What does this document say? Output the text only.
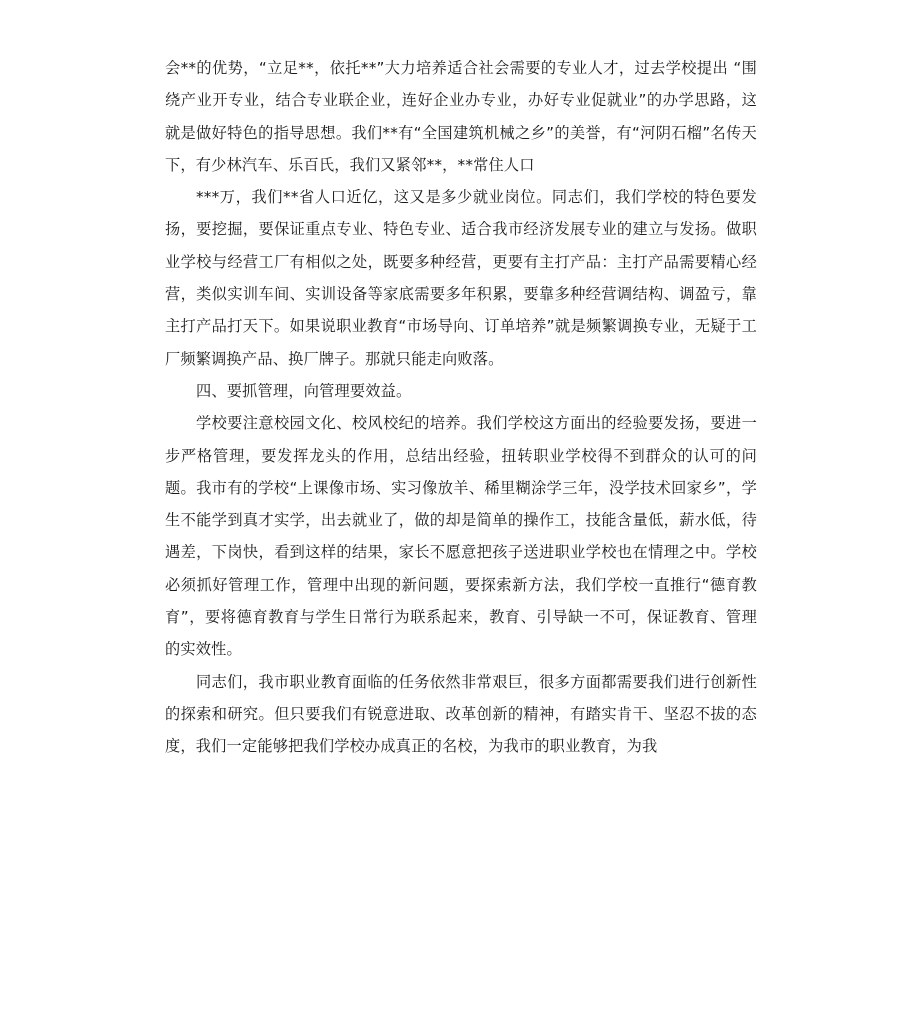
会**的优势，“立足**，依托**”大力培养适合社会需要的专业人才，过去学校提出 “围绕产业开专业，结合专业联企业，连好企业办专业，办好专业促就业”的办学思路，这就是做好特色的指导思想。我们**有“全国建筑机械之乡”的美誉，有“河阴石榴”名传天下，有少林汽车、乐百氏，我们又紧邻**，**常住人口

***万，我们**省人口近亿，这又是多少就业岗位。同志们，我们学校的特色要发扬，要挖掘，要保证重点专业、特色专业、适合我市经济发展专业的建立与发扬。做职业学校与经营工厂有相似之处，既要多种经营，更要有主打产品：主打产品需要精心经营，类似实训车间、实训设备等家底需要多年积累，要靠多种经营调结构、调盈亏，靠主打产品打天下。如果说职业教育“市场导向、订单培养”就是频繁调换专业，无疑于工厂频繁调换产品、换厂牌子。那就只能走向败落。

四、要抓管理，向管理要效益。

学校要注意校园文化、校风校纪的培养。我们学校这方面出的经验要发扬，要进一步严格管理，要发挥龙头的作用，总结出经验，扭转职业学校得不到群众的认可的问题。我市有的学校“上课像市场、实习像放羊、稀里糊涂学三年，没学技术回家乡”，学生不能学到真才实学，出去就业了，做的却是简单的操作工，技能含量低，薪水低，待遇差，下岗快，看到这样的结果，家长不愿意把孩子送进职业学校也在情理之中。学校必须抓好管理工作，管理中出现的新问题，要探索新方法，我们学校一直推行“德育教育”，要将德育教育与学生日常行为联系起来，教育、引导缺一不可，保证教育、管理的实效性。

同志们，我市职业教育面临的任务依然非常艰巨，很多方面都需要我们进行创新性的探索和研究。但只要我们有锐意进取、改革创新的精神，有踏实肯干、坚忍不拔的态度，我们一定能够把我们学校办成真正的名校，为我市的职业教育，为我
